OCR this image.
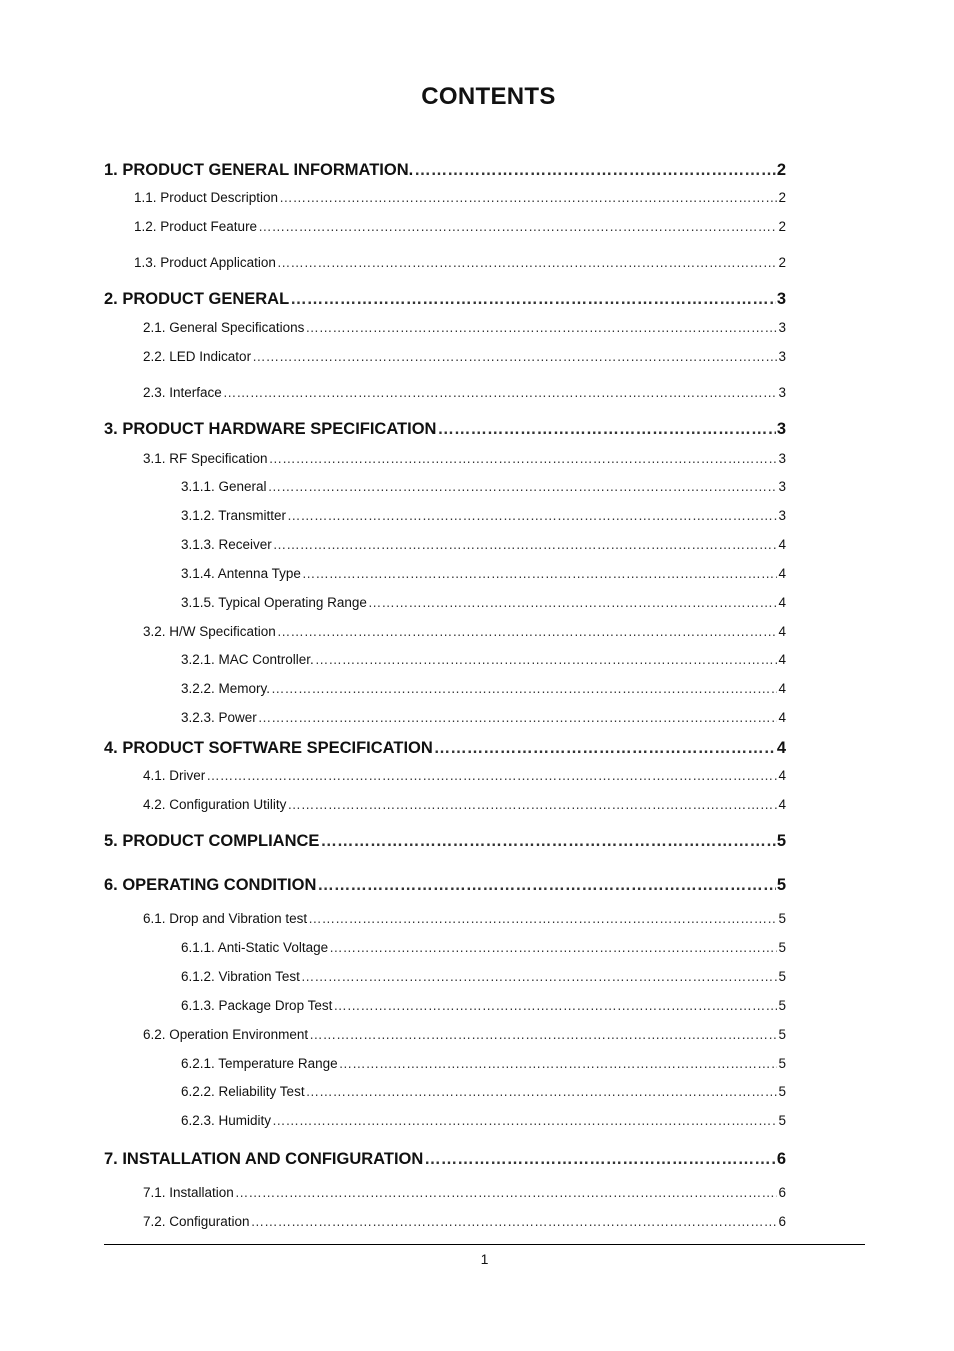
CONTENTS
1. PRODUCT GENERAL INFORMATION. ……………………………………………………………………………………………………………………………………………………………………………………………………………………………	2
1.1. Product Description ……………………………………………………………………………………………………………………………………………………………………………………………………………………………	2
1.2. Product Feature ……………………………………………………………………………………………………………………………………………………………………………………………………………………………	2
1.3. Product Application ……………………………………………………………………………………………………………………………………………………………………………………………………………………………	2
2. PRODUCT GENERAL ……………………………………………………………………………………………………………………………………………………………………………………………………………………………	3
2.1. General Specifications ……………………………………………………………………………………………………………………………………………………………………………………………………………………………	3
2.2. LED Indicator ……………………………………………………………………………………………………………………………………………………………………………………………………………………………	3
2.3. Interface ……………………………………………………………………………………………………………………………………………………………………………………………………………………………	3
3. PRODUCT HARDWARE SPECIFICATION ……………………………………………………………………………………………………………………………………………………………………………………………………………………………	3
3.1. RF Specification ……………………………………………………………………………………………………………………………………………………………………………………………………………………………	3
3.1.1. General ……………………………………………………………………………………………………………………………………………………………………………………………………………………………	3
3.1.2. Transmitter ……………………………………………………………………………………………………………………………………………………………………………………………………………………………	3
3.1.3. Receiver ……………………………………………………………………………………………………………………………………………………………………………………………………………………………	4
3.1.4. Antenna Type ……………………………………………………………………………………………………………………………………………………………………………………………………………………………	4
3.1.5. Typical Operating Range ……………………………………………………………………………………………………………………………………………………………………………………………………………………………	4
3.2. H/W Specification ……………………………………………………………………………………………………………………………………………………………………………………………………………………………	4
3.2.1. MAC Controller. ……………………………………………………………………………………………………………………………………………………………………………………………………………………………	4
3.2.2. Memory. ……………………………………………………………………………………………………………………………………………………………………………………………………………………………	4
3.2.3. Power ……………………………………………………………………………………………………………………………………………………………………………………………………………………………	4
4. PRODUCT SOFTWARE SPECIFICATION ……………………………………………………………………………………………………………………………………………………………………………………………………………………………	4
4.1. Driver ……………………………………………………………………………………………………………………………………………………………………………………………………………………………	4
4.2. Configuration Utility ……………………………………………………………………………………………………………………………………………………………………………………………………………………………	4
5. PRODUCT COMPLIANCE ……………………………………………………………………………………………………………………………………………………………………………………………………………………………	5
6. OPERATING CONDITION ……………………………………………………………………………………………………………………………………………………………………………………………………………………………	5
6.1. Drop and Vibration test ……………………………………………………………………………………………………………………………………………………………………………………………………………………………	5
6.1.1. Anti-Static Voltage ……………………………………………………………………………………………………………………………………………………………………………………………………………………………	5
6.1.2. Vibration Test ……………………………………………………………………………………………………………………………………………………………………………………………………………………………	5
6.1.3. Package Drop Test ……………………………………………………………………………………………………………………………………………………………………………………………………………………………	5
6.2. Operation Environment ……………………………………………………………………………………………………………………………………………………………………………………………………………………………	5
6.2.1. Temperature Range ……………………………………………………………………………………………………………………………………………………………………………………………………………………………	5
6.2.2. Reliability Test ……………………………………………………………………………………………………………………………………………………………………………………………………………………………	5
6.2.3. Humidity ……………………………………………………………………………………………………………………………………………………………………………………………………………………………	5
7. INSTALLATION AND CONFIGURATION ……………………………………………………………………………………………………………………………………………………………………………………………………………………………	6
7.1. Installation ……………………………………………………………………………………………………………………………………………………………………………………………………………………………	6
7.2. Configuration ……………………………………………………………………………………………………………………………………………………………………………………………………………………………	6
1
